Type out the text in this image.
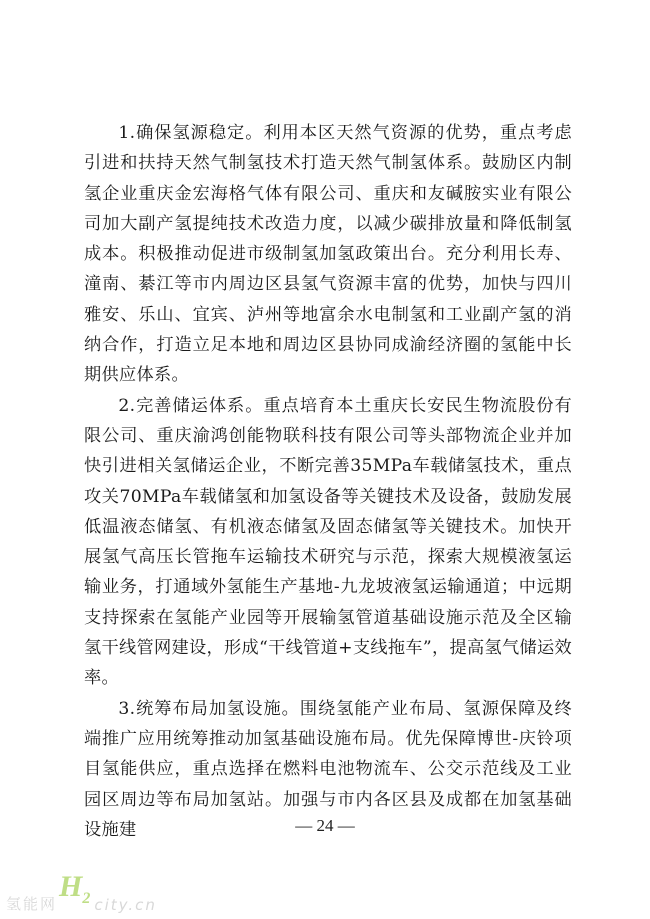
1.确保氢源稳定。利用本区天然气资源的优势，重点考虑引进和扶持天然气制氢技术打造天然气制氢体系。鼓励区内制氢企业重庆金宏海格气体有限公司、重庆和友碱胺实业有限公司加大副产氢提纯技术改造力度，以减少碳排放量和降低制氢成本。积极推动促进市级制氢加氢政策出台。充分利用长寿、潼南、綦江等市内周边区县氢气资源丰富的优势，加快与四川雅安、乐山、宜宾、泸州等地富余水电制氢和工业副产氢的消纳合作，打造立足本地和周边区县协同成渝经济圈的氢能中长期供应体系。

2.完善储运体系。重点培育本土重庆长安民生物流股份有限公司、重庆渝鸿创能物联科技有限公司等头部物流企业并加快引进相关氢储运企业，不断完善35MPa车载储氢技术，重点攻关70MPa车载储氢和加氢设备等关键技术及设备，鼓励发展低温液态储氢、有机液态储氢及固态储氢等关键技术。加快开展氢气高压长管拖车运输技术研究与示范，探索大规模液氢运输业务，打通域外氢能生产基地-九龙坡液氢运输通道；中远期支持探索在氢能产业园等开展输氢管道基础设施示范及全区输氢干线管网建设，形成“干线管道+支线拖车”，提高氢气储运效率。

3.统筹布局加氢设施。围绕氢能产业布局、氢源保障及终端推广应用统筹推动加氢基础设施布局。优先保障博世-庆铃项目氢能供应，重点选择在燃料电池物流车、公交示范线及工业园区周边等布局加氢站。加强与市内各区县及成都在加氢基础设施建	— 24 —
氢能网
$H_2$ city.cn
